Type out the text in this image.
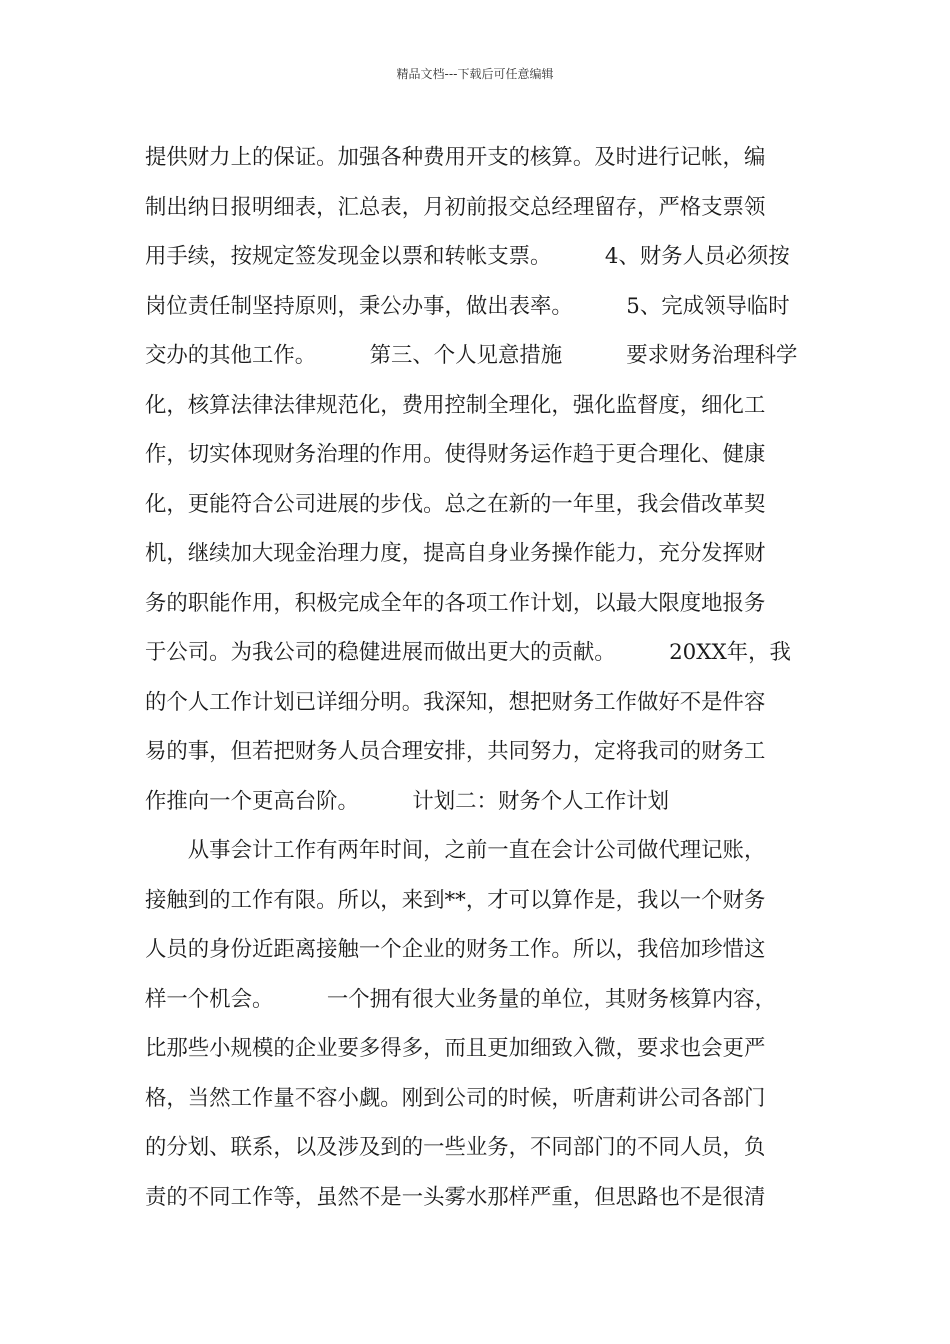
精品文档---下载后可任意编辑
提供财力上的保证。加强各种费用开支的核算。及时进行记帐，编
制出纳日报明细表，汇总表，月初前报交总经理留存，严格支票领
用手续，按规定签发现金以票和转帐支票。　　　4、财务人员必须按
岗位责任制坚持原则，秉公办事，做出表率。　　　5、完成领导临时
交办的其他工作。　　　第三、个人见意措施　　　要求财务治理科学
化，核算法律法律规范化，费用控制全理化，强化监督度，细化工
作，切实体现财务治理的作用。使得财务运作趋于更合理化、健康
化，更能符合公司进展的步伐。总之在新的一年里，我会借改革契
机，继续加大现金治理力度，提高自身业务操作能力，充分发挥财
务的职能作用，积极完成全年的各项工作计划，以最大限度地报务
于公司。为我公司的稳健进展而做出更大的贡献。　　　20XX年，我
的个人工作计划已详细分明。我深知，想把财务工作做好不是件容
易的事，但若把财务人员合理安排，共同努力，定将我司的财务工
作推向一个更高台阶。　　　计划二：财务个人工作计划
　　从事会计工作有两年时间，之前一直在会计公司做代理记账，
接触到的工作有限。所以，来到**，才可以算作是，我以一个财务
人员的身份近距离接触一个企业的财务工作。所以，我倍加珍惜这
样一个机会。　　　一个拥有很大业务量的单位，其财务核算内容，
比那些小规模的企业要多得多，而且更加细致入微，要求也会更严
格，当然工作量不容小觑。刚到公司的时候，听唐莉讲公司各部门
的分划、联系，以及涉及到的一些业务，不同部门的不同人员，负
责的不同工作等，虽然不是一头雾水那样严重，但思路也不是很清
